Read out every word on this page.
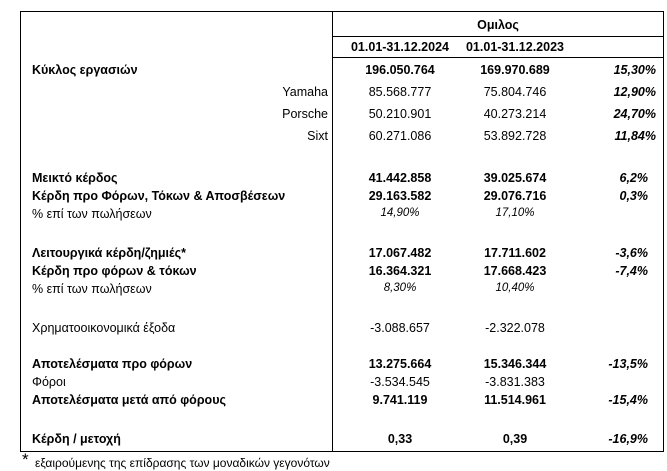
Ομιλος
01.01-31.12.2024	01.01-31.12.2023
Κύκλος εργασιών	196.050.764	169.970.689	15,30%
Yamaha	85.568.777	75.804.746	12,90%
Porsche	50.210.901	40.273.214	24,70%
Sixt	60.271.086	53.892.728	11,84%
Μεικτό κέρδος	41.442.858	39.025.674	6,2%
Κέρδη προ Φόρων, Τόκων & Αποσβέσεων	29.163.582	29.076.716	0,3%
% επί των πωλήσεων	14,90%	17,10%
Λειτουργικά κέρδη/ζημιές*	17.067.482	17.711.602	-3,6%
Κέρδη προ φόρων & τόκων	16.364.321	17.668.423	-7,4%
% επί των πωλήσεων	8,30%	10,40%
Χρηματοοικονομικά έξοδα	-3.088.657	-2.322.078
Αποτελέσματα προ φόρων	13.275.664	15.346.344	-13,5%
Φόροι	-3.534.545	-3.831.383
Αποτελέσματα μετά από φόρους	9.741.119	11.514.961	-15,4%
Κέρδη / μετοχή	0,33	0,39	-16,9%
* εξαιρούμενης της επίδρασης των μοναδικών γεγονότων
